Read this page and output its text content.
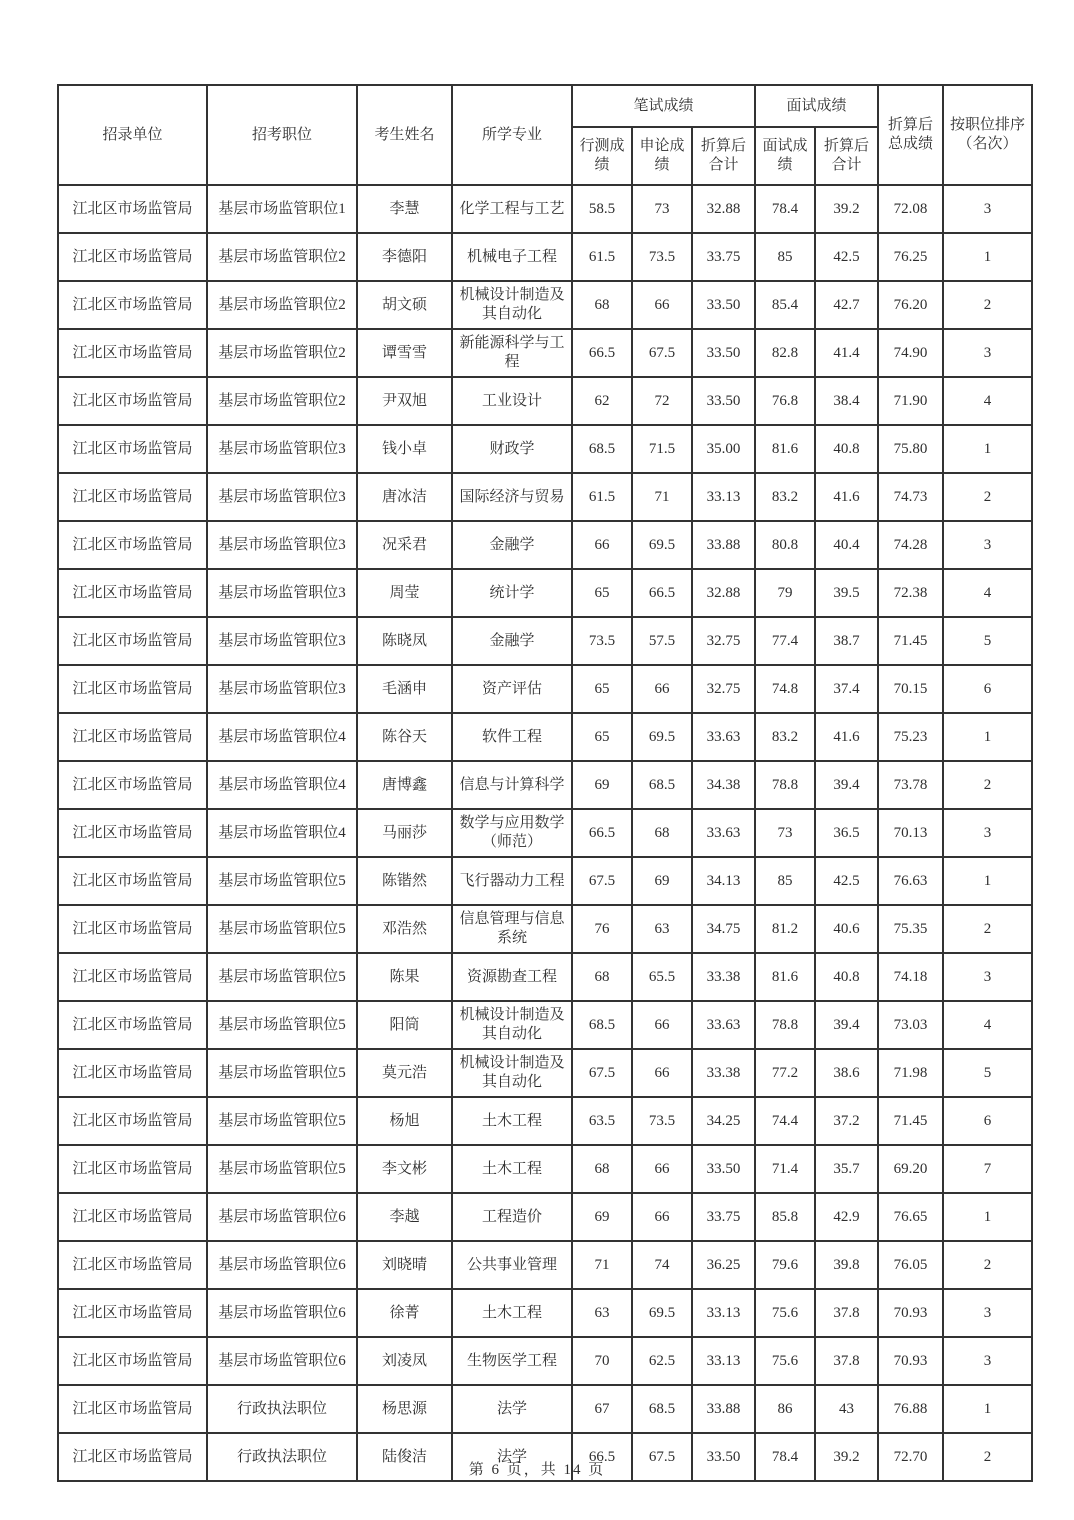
招录单位	招考职位	考生姓名	所学专业	笔试成绩			面试成绩		折算后总成绩	按职位排序（名次）
				行测成绩	申论成绩	折算后合计	面试成绩	折算后合计		
江北区市场监管局	基层市场监管职位1	李慧	化学工程与工艺	58.5	73	32.88	78.4	39.2	72.08	3
江北区市场监管局	基层市场监管职位2	李德阳	机械电子工程	61.5	73.5	33.75	85	42.5	76.25	1
江北区市场监管局	基层市场监管职位2	胡文硕	机械设计制造及其自动化	68	66	33.50	85.4	42.7	76.20	2
江北区市场监管局	基层市场监管职位2	谭雪雪	新能源科学与工程	66.5	67.5	33.50	82.8	41.4	74.90	3
江北区市场监管局	基层市场监管职位2	尹双旭	工业设计	62	72	33.50	76.8	38.4	71.90	4
江北区市场监管局	基层市场监管职位3	钱小卓	财政学	68.5	71.5	35.00	81.6	40.8	75.80	1
江北区市场监管局	基层市场监管职位3	唐冰洁	国际经济与贸易	61.5	71	33.13	83.2	41.6	74.73	2
江北区市场监管局	基层市场监管职位3	况采君	金融学	66	69.5	33.88	80.8	40.4	74.28	3
江北区市场监管局	基层市场监管职位3	周莹	统计学	65	66.5	32.88	79	39.5	72.38	4
江北区市场监管局	基层市场监管职位3	陈晓凤	金融学	73.5	57.5	32.75	77.4	38.7	71.45	5
江北区市场监管局	基层市场监管职位3	毛涵申	资产评估	65	66	32.75	74.8	37.4	70.15	6
江北区市场监管局	基层市场监管职位4	陈谷天	软件工程	65	69.5	33.63	83.2	41.6	75.23	1
江北区市场监管局	基层市场监管职位4	唐博鑫	信息与计算科学	69	68.5	34.38	78.8	39.4	73.78	2
江北区市场监管局	基层市场监管职位4	马丽莎	数学与应用数学（师范）	66.5	68	33.63	73	36.5	70.13	3
江北区市场监管局	基层市场监管职位5	陈锴然	飞行器动力工程	67.5	69	34.13	85	42.5	76.63	1
江北区市场监管局	基层市场监管职位5	邓浩然	信息管理与信息系统	76	63	34.75	81.2	40.6	75.35	2
江北区市场监管局	基层市场监管职位5	陈果	资源勘查工程	68	65.5	33.38	81.6	40.8	74.18	3
江北区市场监管局	基层市场监管职位5	阳筒	机械设计制造及其自动化	68.5	66	33.63	78.8	39.4	73.03	4
江北区市场监管局	基层市场监管职位5	莫元浩	机械设计制造及其自动化	67.5	66	33.38	77.2	38.6	71.98	5
江北区市场监管局	基层市场监管职位5	杨旭	土木工程	63.5	73.5	34.25	74.4	37.2	71.45	6
江北区市场监管局	基层市场监管职位5	李文彬	土木工程	68	66	33.50	71.4	35.7	69.20	7
江北区市场监管局	基层市场监管职位6	李越	工程造价	69	66	33.75	85.8	42.9	76.65	1
江北区市场监管局	基层市场监管职位6	刘晓晴	公共事业管理	71	74	36.25	79.6	39.8	76.05	2
江北区市场监管局	基层市场监管职位6	徐菁	土木工程	63	69.5	33.13	75.6	37.8	70.93	3
江北区市场监管局	基层市场监管职位6	刘凌凤	生物医学工程	70	62.5	33.13	75.6	37.8	70.93	3
江北区市场监管局	行政执法职位	杨思源	法学	67	68.5	33.88	86	43	76.88	1
江北区市场监管局	行政执法职位	陆俊洁	法学	66.5	67.5	33.50	78.4	39.2	72.70	2
第 6 页，共 14 页
